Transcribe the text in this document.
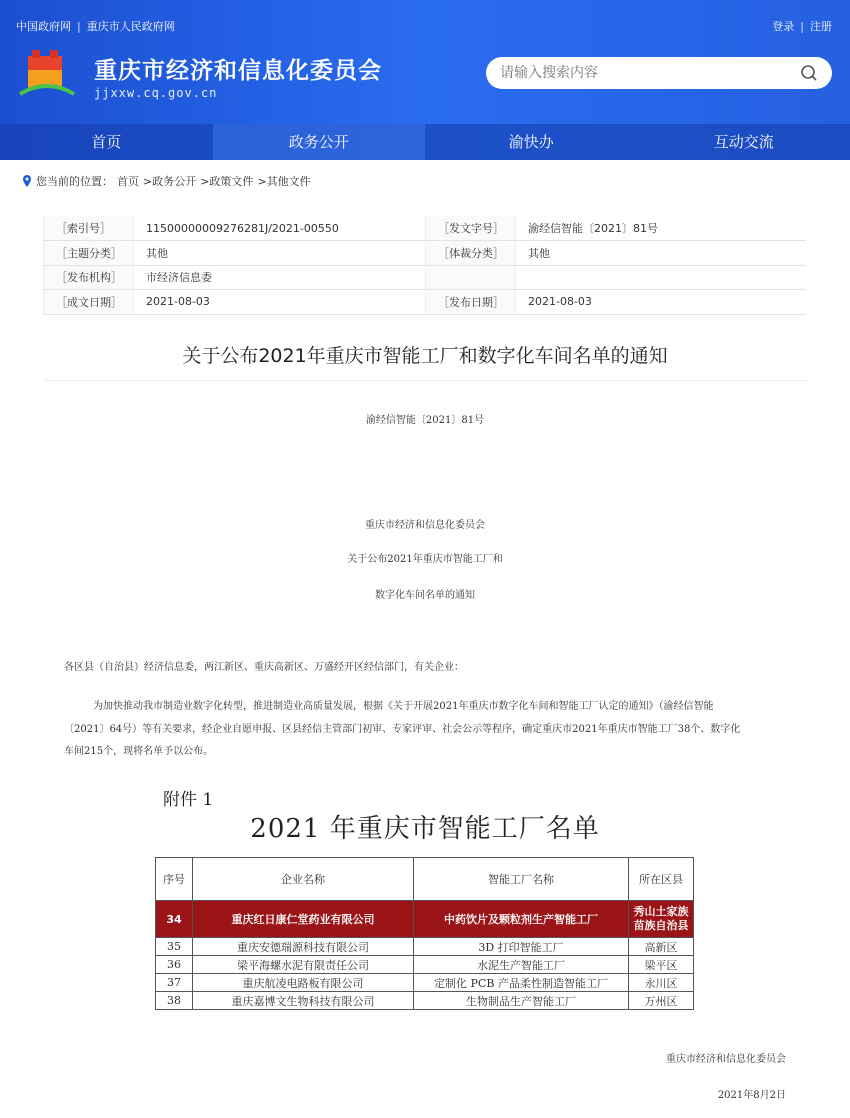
中国政府网 | 重庆市人民政府网	登录 | 注册
重庆市经济和信息化委员会
jjxxw.cq.gov.cn
请输入搜索内容
首页	政务公开	渝快办	互动交流
您当前的位置： 首页 >政务公开 >政策文件 >其他文件
［索引号］	11500000009276281J/2021-00550	［发文字号］	渝经信智能〔2021〕81号
［主题分类］	其他	［体裁分类］	其他
［发布机构］	市经济信息委		
［成文日期］	2021-08-03	［发布日期］	2021-08-03
关于公布2021年重庆市智能工厂和数字化车间名单的通知
渝经信智能〔2021〕81号
重庆市经济和信息化委员会
关于公布2021年重庆市智能工厂和
数字化车间名单的通知
各区县（自治县）经济信息委，两江新区、重庆高新区、万盛经开区经信部门，有关企业：
为加快推动我市制造业数字化转型，推进制造业高质量发展，根据《关于开展2021年重庆市数字化车间和智能工厂认定的通知》（渝经信智能
〔2021〕64号）等有关要求，经企业自愿申报、区县经信主管部门初审、专家评审、社会公示等程序，确定重庆市2021年重庆市智能工厂38个、数字化
车间215个，现将名单予以公布。
附件 1
2021 年重庆市智能工厂名单
序号	企业名称	智能工厂名称	所在区县
34	重庆红日康仁堂药业有限公司	中药饮片及颗粒剂生产智能工厂	秀山土家族苗族自治县
35	重庆安德瑞源科技有限公司	3D 打印智能工厂	高新区
36	梁平海螺水泥有限责任公司	水泥生产智能工厂	梁平区
37	重庆航凌电路板有限公司	定制化 PCB 产品柔性制造智能工厂	永川区
38	重庆嘉博文生物科技有限公司	生物制品生产智能工厂	万州区
重庆市经济和信息化委员会
2021年8月2日
